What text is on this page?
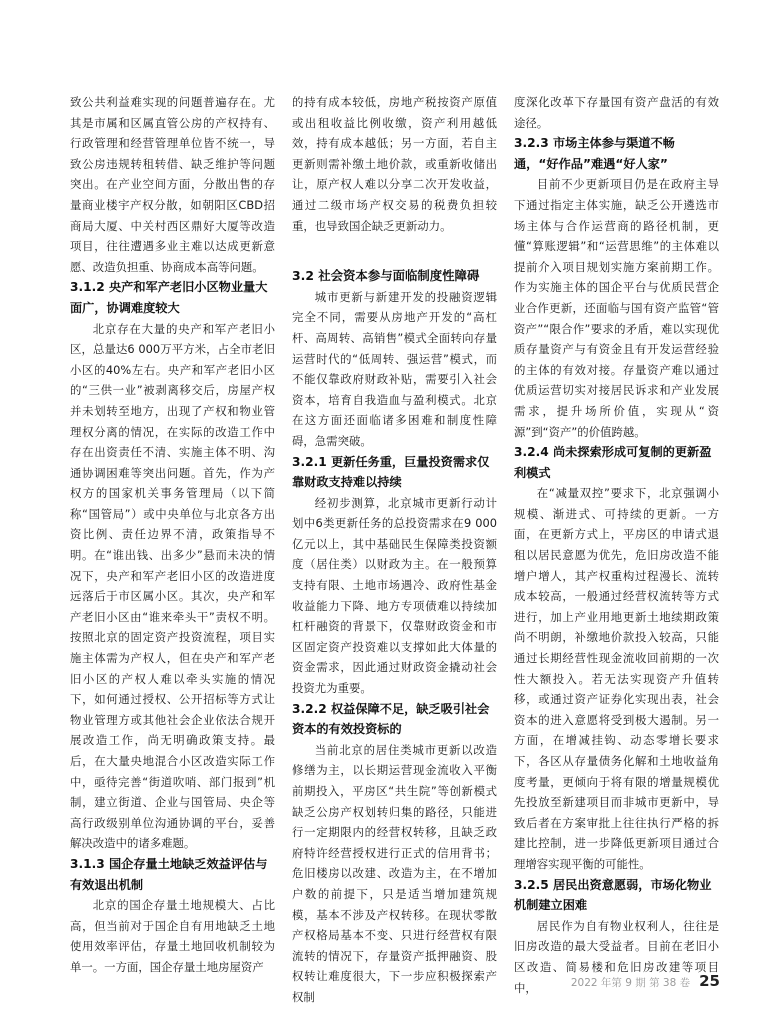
致公共利益难实现的问题普遍存在。尤其是市属和区属直管公房的产权持有、行政管理和经营管理单位皆不统一，导致公房违规转租转借、缺乏维护等问题突出。在产业空间方面，分散出售的存量商业楼宇产权分散，如朝阳区CBD招商局大厦、中关村西区鼎好大厦等改造项目，往往遭遇多业主难以达成更新意愿、改造负担重、协商成本高等问题。

3.1.2 央产和军产老旧小区物业量大面广，协调难度较大

北京存在大量的央产和军产老旧小区，总量达6 000万平方米，占全市老旧小区的40%左右。央产和军产老旧小区的“三供一业”被剥离移交后，房屋产权并未划转至地方，出现了产权和物业管理权分离的情况，在实际的改造工作中存在出资责任不清、实施主体不明、沟通协调困难等突出问题。首先，作为产权方的国家机关事务管理局（以下简称“国管局”）或中央单位与北京各方出资比例、责任边界不清，政策指导不明。在“谁出钱、出多少”悬而未决的情况下，央产和军产老旧小区的改造进度远落后于市区属小区。其次，央产和军产老旧小区由“谁来牵头干”责权不明。按照北京的固定资产投资流程，项目实施主体需为产权人，但在央产和军产老旧小区的产权人难以牵头实施的情况下，如何通过授权、公开招标等方式让物业管理方或其他社会企业依法合规开展改造工作，尚无明确政策支持。最后，在大量央地混合小区改造实际工作中，亟待完善“街道吹哨、部门报到”机制，建立街道、企业与国管局、央企等高行政级别单位沟通协调的平台，妥善解决改造中的诸多难题。

3.1.3 国企存量土地缺乏效益评估与有效退出机制

北京的国企存量土地规模大、占比高，但当前对于国企自有用地缺乏土地使用效率评估，存量土地回收机制较为单一。一方面，国企存量土地房屋资产

的持有成本较低，房地产税按资产原值或出租收益比例收缴，资产利用越低效，持有成本越低；另一方面，若自主更新则需补缴土地价款，或重新收储出让，原产权人难以分享二次开发收益，通过二级市场产权交易的税费负担较重，也导致国企缺乏更新动力。

3.2 社会资本参与面临制度性障碍

城市更新与新建开发的投融资逻辑完全不同，需要从房地产开发的“高杠杆、高周转、高销售”模式全面转向存量运营时代的“低周转、强运营”模式，而不能仅靠政府财政补贴，需要引入社会资本，培育自我造血与盈利模式。北京在这方面还面临诸多困难和制度性障碍，急需突破。

3.2.1 更新任务重，巨量投资需求仅靠财政支持难以持续

经初步测算，北京城市更新行动计划中6类更新任务的总投资需求在9 000亿元以上，其中基础民生保障类投资额度（居住类）以财政为主。在一般预算支持有限、土地市场遇冷、政府性基金收益能力下降、地方专项债难以持续加杠杆融资的背景下，仅靠财政资金和市区固定资产投资难以支撑如此大体量的资金需求，因此通过财政资金撬动社会投资尤为重要。

3.2.2 权益保障不足，缺乏吸引社会资本的有效投资标的

当前北京的居住类城市更新以改造修缮为主，以长期运营现金流收入平衡前期投入，平房区“共生院”等创新模式缺乏公房产权划转归集的路径，只能进行一定期限内的经营权转移，且缺乏政府特许经营授权进行正式的信用背书；危旧楼房以改建、改造为主，在不增加户数的前提下，只是适当增加建筑规模，基本不涉及产权转移。在现状零散产权格局基本不变、只进行经营权有限流转的情况下，存量资产抵押融资、股权转让难度很大，下一步应积极探索产权制

度深化改革下存量国有资产盘活的有效途径。

3.2.3 市场主体参与渠道不畅通，“好作品”难遇“好人家”

目前不少更新项目仍是在政府主导下通过指定主体实施，缺乏公开遴选市场主体与合作运营商的路径机制，更懂“算账逻辑”和“运营思维”的主体难以提前介入项目规划实施方案前期工作。作为实施主体的国企平台与优质民营企业合作更新，还面临与国有资产监管“管资产”“限合作”要求的矛盾，难以实现优质存量资产与有资金且有开发运营经验的主体的有效对接。存量资产难以通过优质运营切实对接居民诉求和产业发展需求，提升场所价值，实现从“资源”到“资产”的价值跨越。

3.2.4 尚未探索形成可复制的更新盈利模式

在“减量双控”要求下，北京强调小规模、渐进式、可持续的更新。一方面，在更新方式上，平房区的申请式退租以居民意愿为优先，危旧房改造不能增户增人，其产权重构过程漫长、流转成本较高，一般通过经营权流转等方式进行，加上产业用地更新土地续期政策尚不明朗，补缴地价款投入较高，只能通过长期经营性现金流收回前期的一次性大额投入。若无法实现资产升值转移，或通过资产证券化实现出表，社会资本的进入意愿将受到极大遏制。另一方面，在增减挂钩、动态零增长要求下，各区从存量债务化解和土地收益角度考量，更倾向于将有限的增量规模优先投放至新建项目而非城市更新中，导致后者在方案审批上往往执行严格的拆建比控制，进一步降低更新项目通过合理增容实现平衡的可能性。

3.2.5 居民出资意愿弱，市场化物业机制建立困难

居民作为自有物业权利人，往往是旧房改造的最大受益者。目前在老旧小区改造、简易楼和危旧房改建等项目中，	2022 年第 9 期 第 38 卷 25
